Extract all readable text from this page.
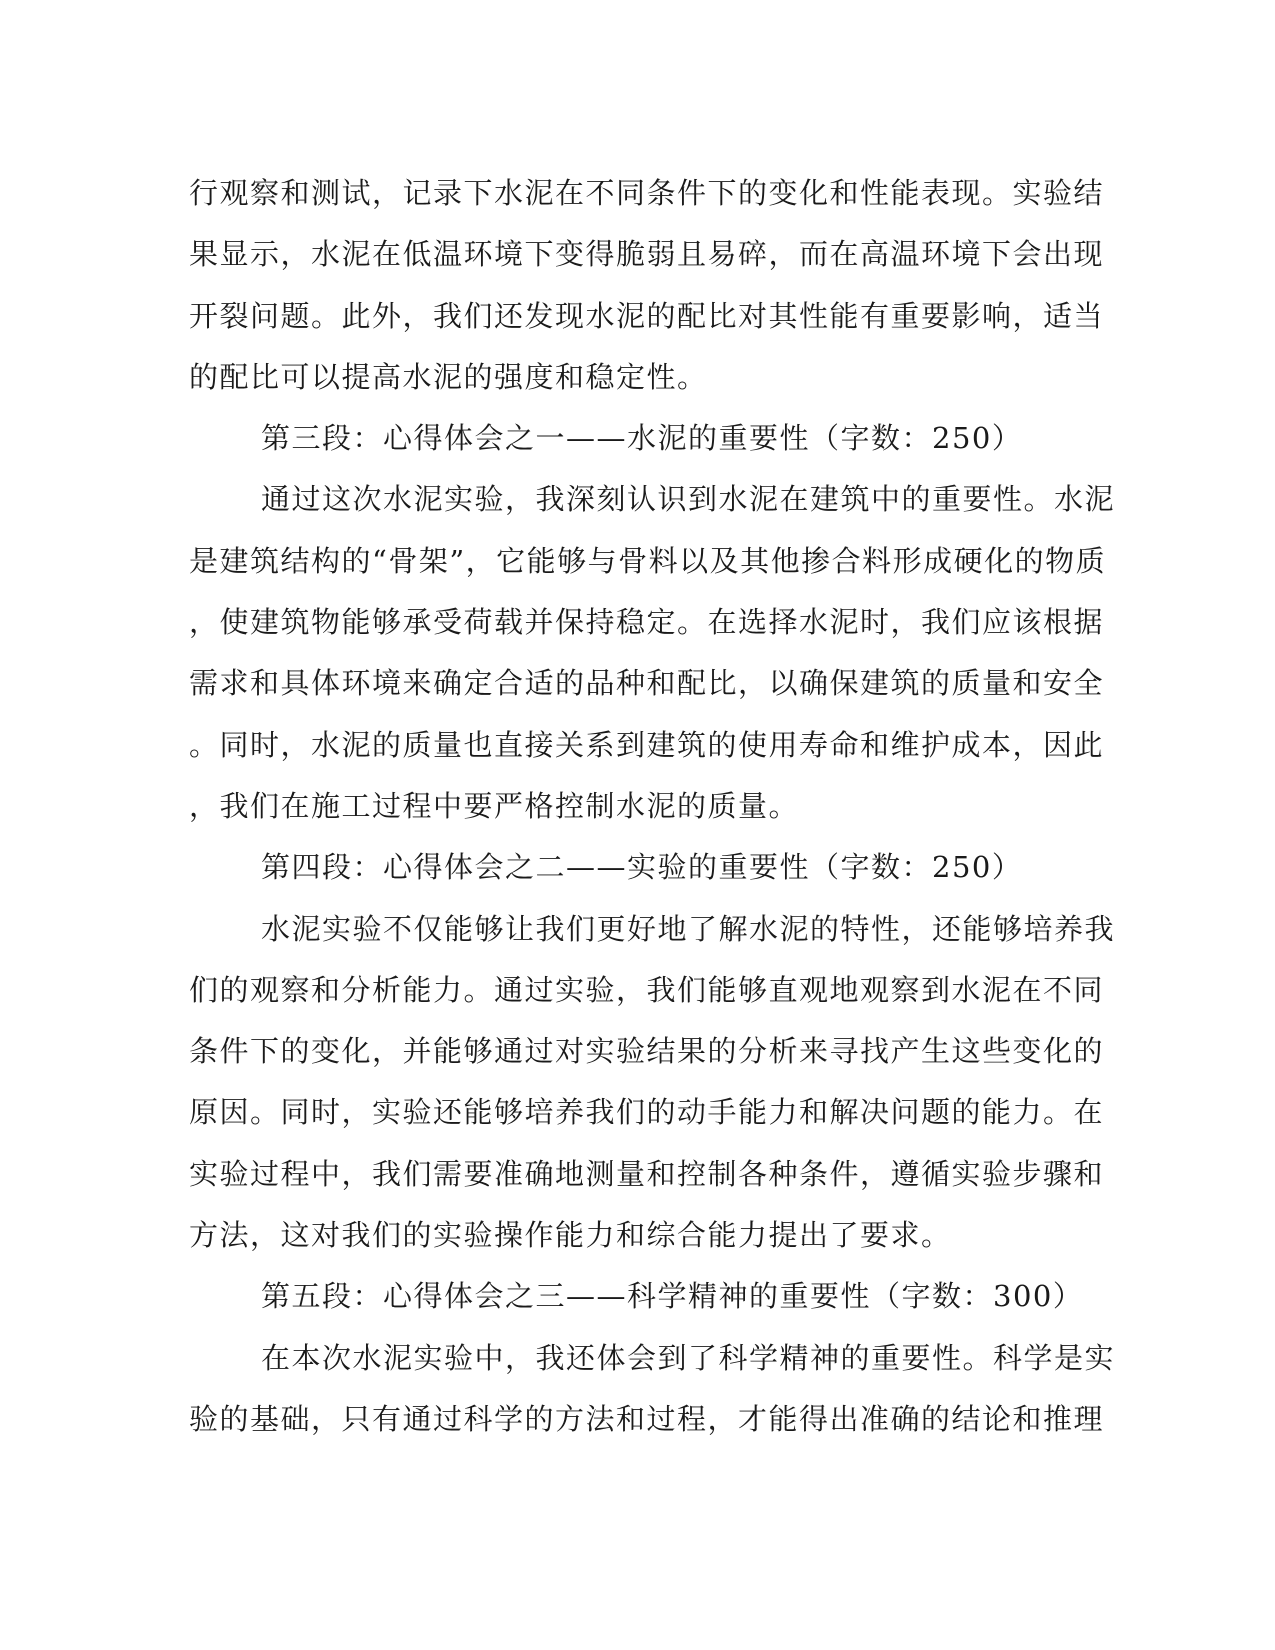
行观察和测试，记录下水泥在不同条件下的变化和性能表现。实验结
果显示，水泥在低温环境下变得脆弱且易碎，而在高温环境下会出现
开裂问题。此外，我们还发现水泥的配比对其性能有重要影响，适当
的配比可以提高水泥的强度和稳定性。
第三段：心得体会之一——水泥的重要性（字数：250）
通过这次水泥实验，我深刻认识到水泥在建筑中的重要性。水泥
是建筑结构的“骨架”，它能够与骨料以及其他掺合料形成硬化的物质
，使建筑物能够承受荷载并保持稳定。在选择水泥时，我们应该根据
需求和具体环境来确定合适的品种和配比，以确保建筑的质量和安全
。同时，水泥的质量也直接关系到建筑的使用寿命和维护成本，因此
，我们在施工过程中要严格控制水泥的质量。
第四段：心得体会之二——实验的重要性（字数：250）
水泥实验不仅能够让我们更好地了解水泥的特性，还能够培养我
们的观察和分析能力。通过实验，我们能够直观地观察到水泥在不同
条件下的变化，并能够通过对实验结果的分析来寻找产生这些变化的
原因。同时，实验还能够培养我们的动手能力和解决问题的能力。在
实验过程中，我们需要准确地测量和控制各种条件，遵循实验步骤和
方法，这对我们的实验操作能力和综合能力提出了要求。
第五段：心得体会之三——科学精神的重要性（字数：300）
在本次水泥实验中，我还体会到了科学精神的重要性。科学是实
验的基础，只有通过科学的方法和过程，才能得出准确的结论和推理
